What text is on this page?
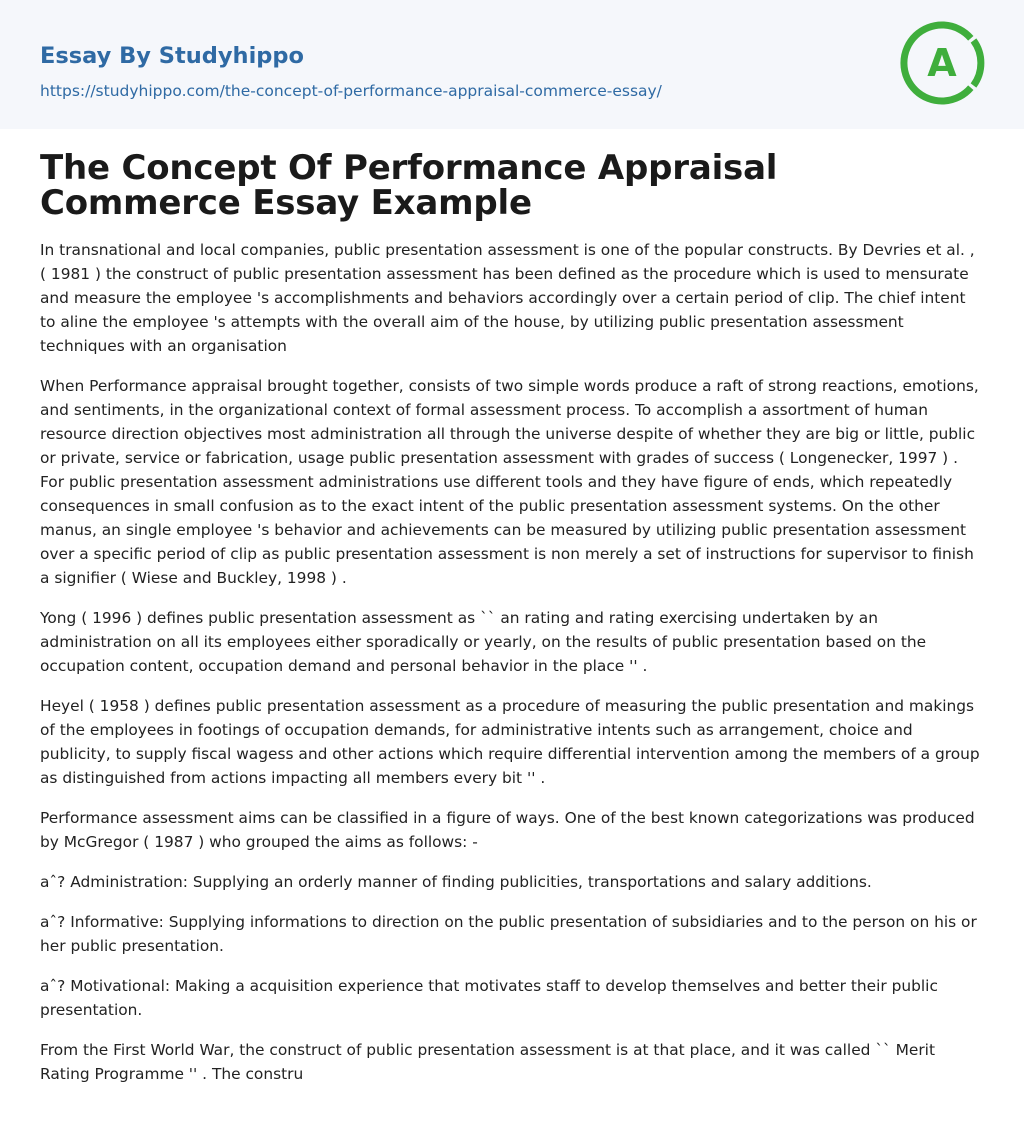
Essay By Studyhippo
https://studyhippo.com/the-concept-of-performance-appraisal-commerce-essay/
A
The Concept Of Performance Appraisal Commerce Essay Example

In transnational and local companies, public presentation assessment is one of the popular constructs. By Devries et al. , ( 1981 ) the construct of public presentation assessment has been defined as the procedure which is used to mensurate and measure the employee 's accomplishments and behaviors accordingly over a certain period of clip. The chief intent to aline the employee 's attempts with the overall aim of the house, by utilizing public presentation assessment techniques with an organisation

When Performance appraisal brought together, consists of two simple words produce a raft of strong reactions, emotions, and sentiments, in the organizational context of formal assessment process. To accomplish a assortment of human resource direction objectives most administration all through the universe despite of whether they are big or little, public or private, service or fabrication, usage public presentation assessment with grades of success ( Longenecker, 1997 ) . For public presentation assessment administrations use different tools and they have figure of ends, which repeatedly consequences in small confusion as to the exact intent of the public presentation assessment systems. On the other manus, an single employee 's behavior and achievements can be measured by utilizing public presentation assessment over a specific period of clip as public presentation assessment is non merely a set of instructions for supervisor to finish a signifier ( Wiese and Buckley, 1998 ) .

Yong ( 1996 ) defines public presentation assessment as `` an rating and rating exercising undertaken by an administration on all its employees either sporadically or yearly, on the results of public presentation based on the occupation content, occupation demand and personal behavior in the place '' .

Heyel ( 1958 ) defines public presentation assessment as a procedure of measuring the public presentation and makings of the employees in footings of occupation demands, for administrative intents such as arrangement, choice and publicity, to supply fiscal wagess and other actions which require differential intervention among the members of a group as distinguished from actions impacting all members every bit '' .

Performance assessment aims can be classified in a figure of ways. One of the best known categorizations was produced by McGregor ( 1987 ) who grouped the aims as follows: -

aˆ? Administration: Supplying an orderly manner of finding publicities, transportations and salary additions.

aˆ? Informative: Supplying informations to direction on the public presentation of subsidiaries and to the person on his or her public presentation.

aˆ? Motivational: Making a acquisition experience that motivates staff to develop themselves and better their public presentation.

From the First World War, the construct of public presentation assessment is at that place, and it was called `` Merit Rating Programme '' . The constru
